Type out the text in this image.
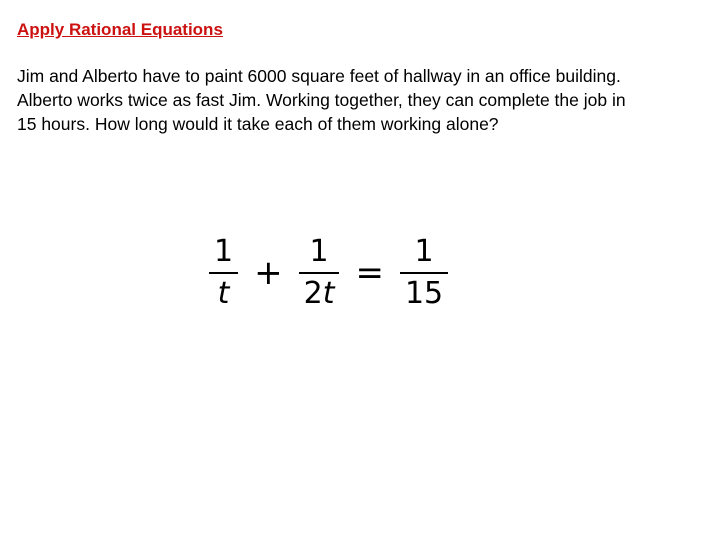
Apply Rational Equations
Jim and Alberto have to paint 6000 square feet of hallway in an office building.
Alberto works twice as fast Jim. Working together, they can complete the job in
15 hours. How long would it take each of them working alone?
$\frac{1}{t} + \frac{1}{2t} = \frac{1}{15}$
